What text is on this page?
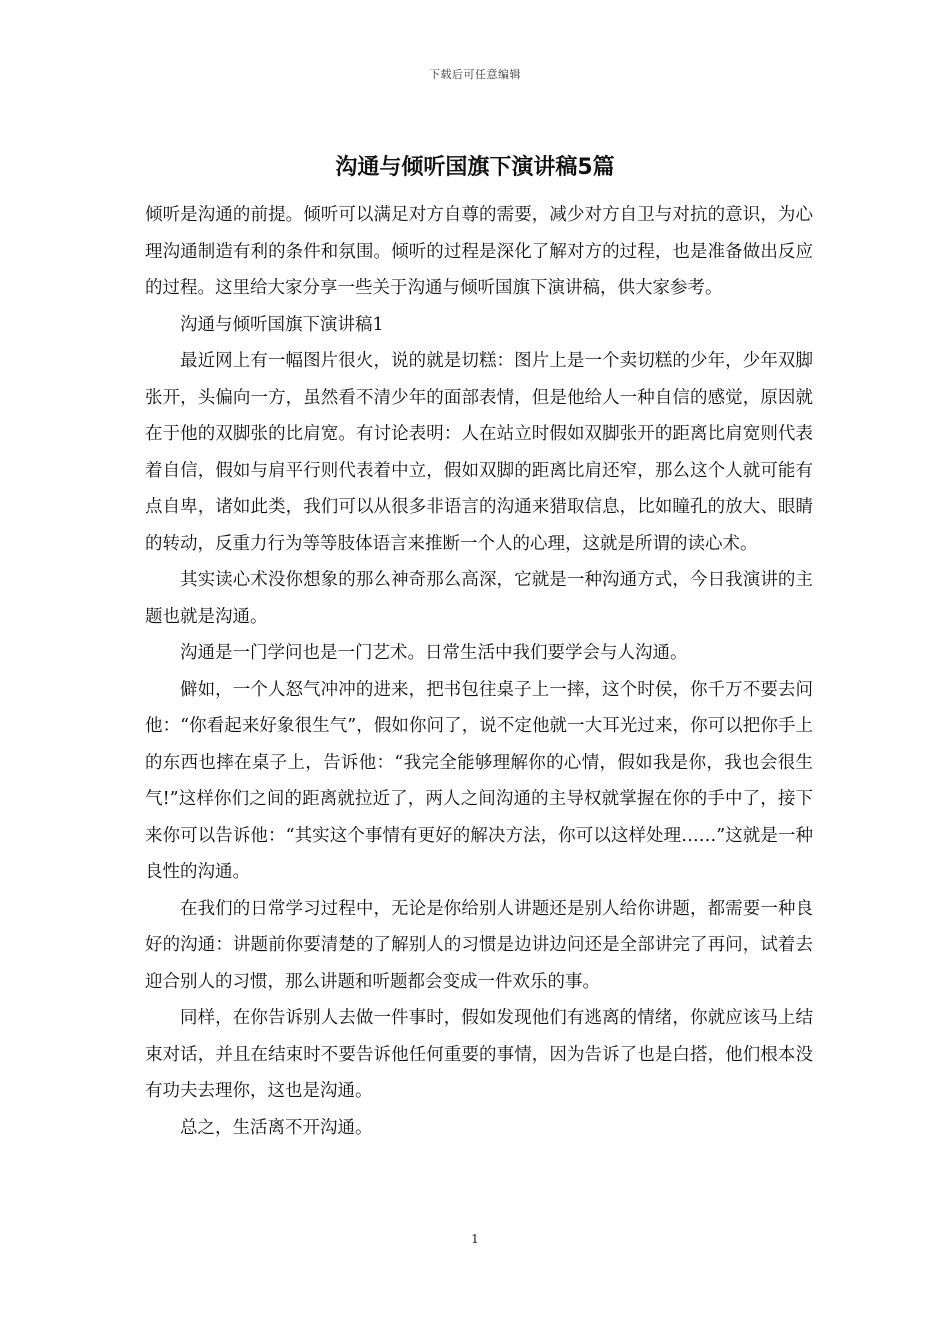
下载后可任意编辑
沟通与倾听国旗下演讲稿5篇

倾听是沟通的前提。倾听可以满足对方自尊的需要，减少对方自卫与对抗的意识，为心理沟通制造有利的条件和氛围。倾听的过程是深化了解对方的过程，也是准备做出反应的过程。这里给大家分享一些关于沟通与倾听国旗下演讲稿，供大家参考。

沟通与倾听国旗下演讲稿1

最近网上有一幅图片很火，说的就是切糕：图片上是一个卖切糕的少年，少年双脚张开，头偏向一方，虽然看不清少年的面部表情，但是他给人一种自信的感觉，原因就在于他的双脚张的比肩宽。有讨论表明：人在站立时假如双脚张开的距离比肩宽则代表着自信，假如与肩平行则代表着中立，假如双脚的距离比肩还窄，那么这个人就可能有点自卑，诸如此类，我们可以从很多非语言的沟通来猎取信息，比如瞳孔的放大、眼睛的转动，反重力行为等等肢体语言来推断一个人的心理，这就是所谓的读心术。

其实读心术没你想象的那么神奇那么高深，它就是一种沟通方式，今日我演讲的主题也就是沟通。

沟通是一门学问也是一门艺术。日常生活中我们要学会与人沟通。

僻如，一个人怒气冲冲的进来，把书包往桌子上一摔，这个时侯，你千万不要去问他：“你看起来好象很生气”，假如你问了，说不定他就一大耳光过来，你可以把你手上的东西也摔在桌子上，告诉他：“我完全能够理解你的心情，假如我是你，我也会很生气!”这样你们之间的距离就拉近了，两人之间沟通的主导权就掌握在你的手中了，接下来你可以告诉他：“其实这个事情有更好的解决方法，你可以这样处理……”这就是一种良性的沟通。

在我们的日常学习过程中，无论是你给别人讲题还是别人给你讲题，都需要一种良好的沟通：讲题前你要清楚的了解别人的习惯是边讲边问还是全部讲完了再问，试着去迎合别人的习惯，那么讲题和听题都会变成一件欢乐的事。

同样，在你告诉别人去做一件事时，假如发现他们有逃离的情绪，你就应该马上结束对话，并且在结束时不要告诉他任何重要的事情，因为告诉了也是白搭，他们根本没有功夫去理你，这也是沟通。

总之，生活离不开沟通。

1
